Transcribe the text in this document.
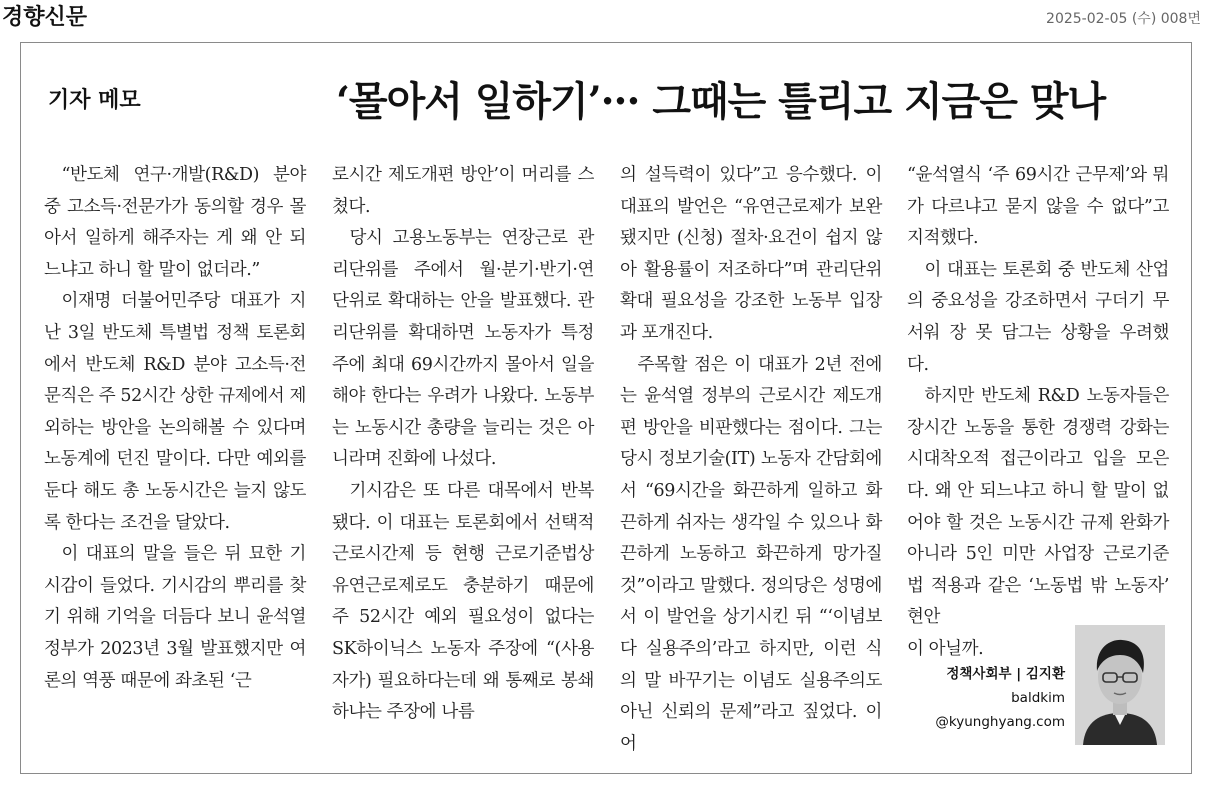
경향신문	2025-02-05 (수) 008면
기자 메모	‘몰아서 일하기’··· 그때는 틀리고 지금은 맞나

“반도체 연구·개발(R&D) 분야 중 고소득·전문가가 동의할 경우 몰아서 일하게 해주자는 게 왜 안 되느냐고 하니 할 말이 없더라.”

이재명 더불어민주당 대표가 지난 3일 반도체 특별법 정책 토론회에서 반도체 R&D 분야 고소득·전문직은 주 52시간 상한 규제에서 제외하는 방안을 논의해볼 수 있다며 노동계에 던진 말이다. 다만 예외를 둔다 해도 총 노동시간은 늘지 않도록 한다는 조건을 달았다.

이 대표의 말을 들은 뒤 묘한 기시감이 들었다. 기시감의 뿌리를 찾기 위해 기억을 더듬다 보니 윤석열 정부가 2023년 3월 발표했지만 여론의 역풍 때문에 좌초된 ‘근

로시간 제도개편 방안’이 머리를 스쳤다.

당시 고용노동부는 연장근로 관리단위를 주에서 월·분기·반기·연 단위로 확대하는 안을 발표했다. 관리단위를 확대하면 노동자가 특정 주에 최대 69시간까지 몰아서 일을 해야 한다는 우려가 나왔다. 노동부는 노동시간 총량을 늘리는 것은 아니라며 진화에 나섰다.

기시감은 또 다른 대목에서 반복됐다. 이 대표는 토론회에서 선택적 근로시간제 등 현행 근로기준법상 유연근로제로도 충분하기 때문에 주 52시간 예외 필요성이 없다는 SK하이닉스 노동자 주장에 “(사용자가) 필요하다는데 왜 통째로 봉쇄하냐는 주장에 나름

의 설득력이 있다”고 응수했다. 이 대표의 발언은 “유연근로제가 보완됐지만 (신청) 절차·요건이 쉽지 않아 활용률이 저조하다”며 관리단위 확대 필요성을 강조한 노동부 입장과 포개진다.

주목할 점은 이 대표가 2년 전에는 윤석열 정부의 근로시간 제도개편 방안을 비판했다는 점이다. 그는 당시 정보기술(IT) 노동자 간담회에서 “69시간을 화끈하게 일하고 화끈하게 쉬자는 생각일 수 있으나 화끈하게 노동하고 화끈하게 망가질 것”이라고 말했다. 정의당은 성명에서 이 발언을 상기시킨 뒤 “‘이념보다 실용주의’라고 하지만, 이런 식의 말 바꾸기는 이념도 실용주의도 아닌 신뢰의 문제”라고 짚었다. 이어

“윤석열식 ‘주 69시간 근무제’와 뭐가 다르냐고 묻지 않을 수 없다”고 지적했다.

이 대표는 토론회 중 반도체 산업의 중요성을 강조하면서 구더기 무서워 장 못 담그는 상황을 우려했다.

하지만 반도체 R&D 노동자들은 장시간 노동을 통한 경쟁력 강화는 시대착오적 접근이라고 입을 모은다. 왜 안 되느냐고 하니 할 말이 없어야 할 것은 노동시간 규제 완화가 아니라 5인 미만 사업장 근로기준법 적용과 같은 ‘노동법 밖 노동자’ 현안

이 아닐까.

정책사회부 | 김지환
baldkim
@kyunghyang.com
